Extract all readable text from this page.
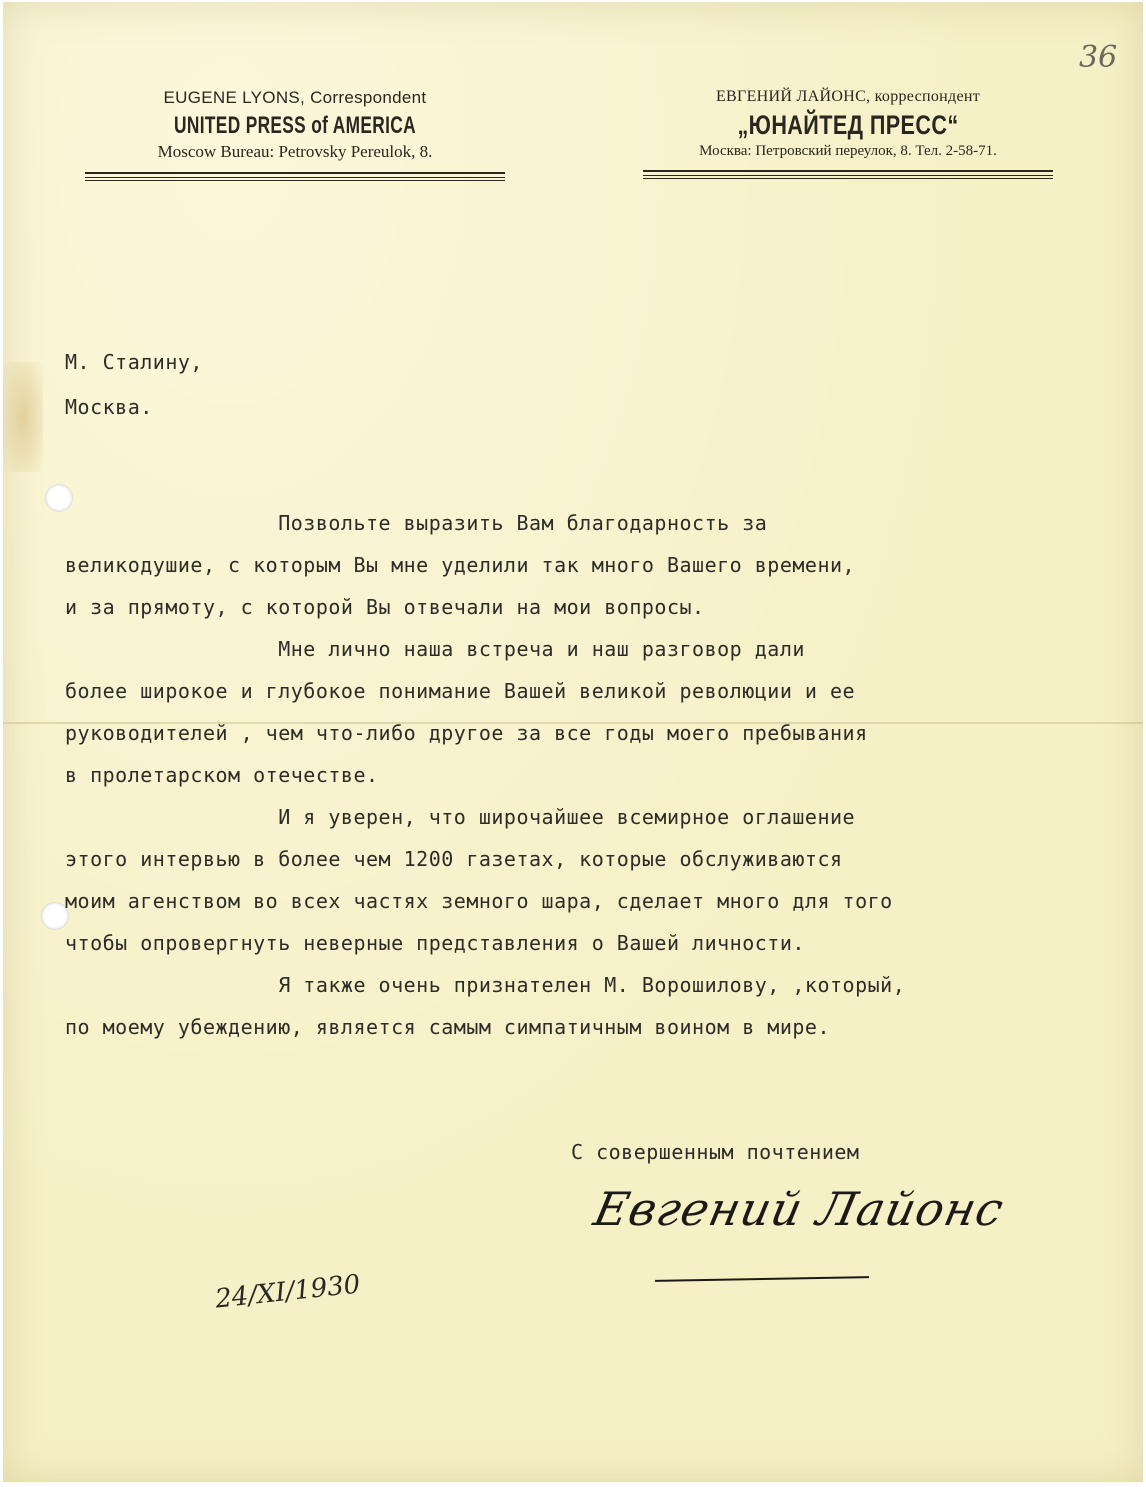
36
EUGENE LYONS, Correspondent
UNITED PRESS of AMERICA
Moscow Bureau: Petrovsky Pereulok, 8.
ЕВГЕНИЙ ЛАЙОНС, корреспондент
„ЮНАЙТЕД ПРЕСС“
Москва: Петровский переулок, 8. Тел. 2-58-71.
М. Сталину,
Москва.
Позвольте выразить Вам благодарность за
великодушие, с которым Вы мне уделили так много Вашего времени,
и за прямоту, с которой Вы отвечали на мои вопросы.
Мне лично наша встреча и наш разговор дали
более широкое и глубокое понимание Вашей великой революции и ее
руководителей , чем что-либо другое за все годы моего пребывания
в пролетарском отечестве.
И я уверен, что широчайшее всемирное оглашение
этого интервью в более чем 1200 газетах, которые обслуживаются
моим агенством во всех частях земного шара, сделает много для того
чтобы опровергнуть неверные представления о Вашей личности.
Я также очень признателен М. Ворошилову, ,который,
по моему убеждению, является самым симпатичным воином в мире.
С совершенным почтением
Евгений Лайонс
24/XI/1930
